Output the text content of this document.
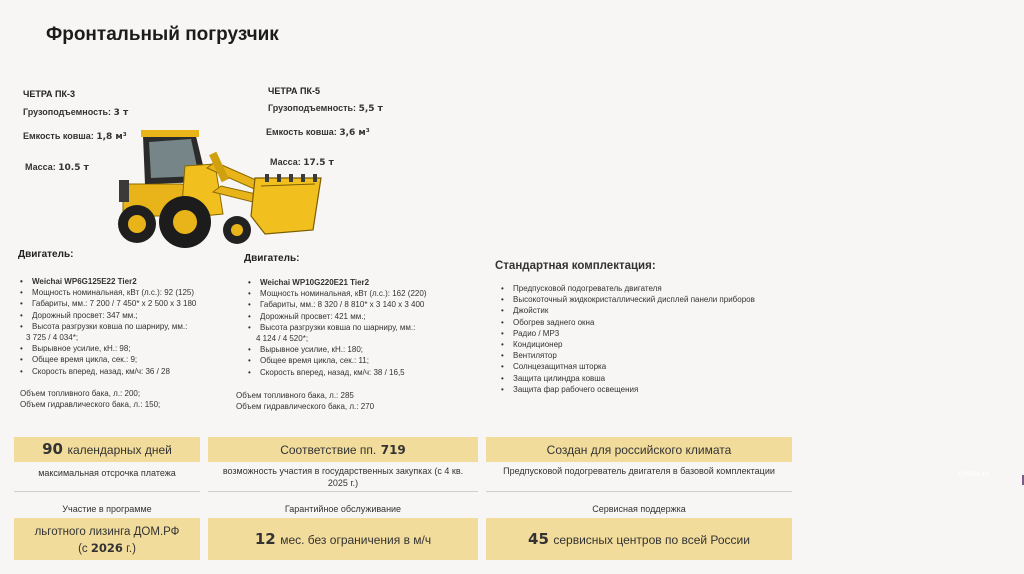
Фронтальный погрузчик
ЧЕТРА ПК-3
Грузоподъемность: 3 т
Емкость ковша: 1,8 м³
Масса: 10.5 т
ЧЕТРА ПК-5
Грузоподъемность: 5,5 т
Емкость ковша: 3,6 м³
Масса: 17.5 т
Двигатель:
• Weichai WP6G125E22 Tier2
• Мощность номинальная, кВт (л.с.): 92 (125)
• Габариты, мм.: 7 200 / 7 450* х 2 500 х 3 180
• Дорожный просвет: 347 мм.;
• Высота разгрузки ковша по шарниру, мм.:
3 725 / 4 034*;
• Вырывное усилие, кН.: 98;
• Общее время цикла, сек.: 9;
• Скорость вперед, назад, км/ч: 36 / 28
Объем топливного бака, л.: 200;
Объем гидравлического бака, л.: 150;
Двигатель:
• Weichai WP10G220E21 Tier2
• Мощность номинальная, кВт (л.с.): 162 (220)
• Габариты, мм.: 8 320 / 8 810* х 3 140 х 3 400
• Дорожный просвет: 421 мм.;
• Высота разгрузки ковша по шарниру, мм.:
4 124 / 4 520*;
• Вырывное усилие, кН.: 180;
• Общее время цикла, сек.: 11;
• Скорость вперед, назад, км/ч: 38 / 16,5
Объем топливного бака, л.: 285
Объем гидравлического бака, л.: 270
Стандартная комплектация:
• Предпусковой подогреватель двигателя
• Высокоточный жидкокристаллический дисплей панели приборов
• Джойстик
• Обогрев заднего окна
• Радио / MP3
• Кондиционер
• Вентилятор
• Солнцезащитная шторка
• Защита цилиндра ковша
• Защита фар рабочего освещения
90 календарных дней
максимальная отсрочка платежа
Соответствие пп. 719
возможность участия в государственных закупках (с 4 кв. 2025 г.)
Создан для российского климата
Предпусковой подогреватель двигателя в базовой комплектации
Участие в программе	Гарантийное обслуживание	Сервисная поддержка
льготного лизинга ДОМ.РФ
(с 2026 г.)
12 мес. без ограничения в м/ч	45 сервисных центров по всей России
chetra.ru
